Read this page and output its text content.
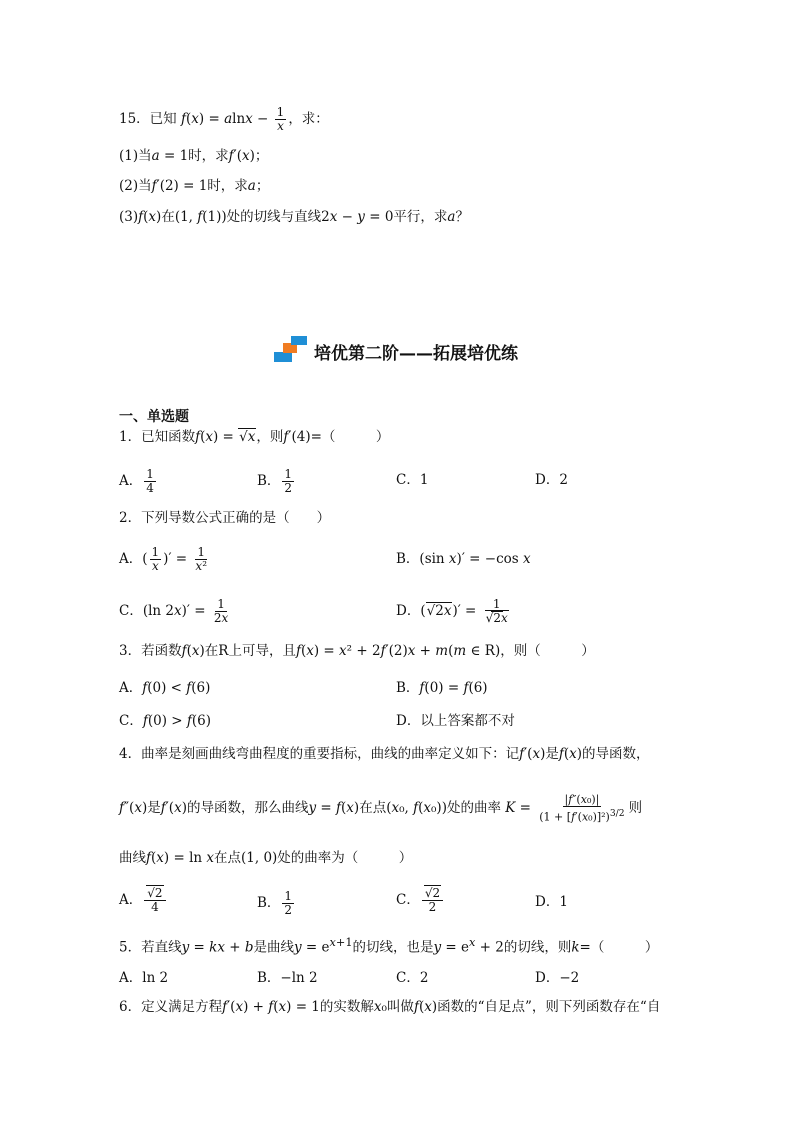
15．已知 $f(x) = alnx - \frac{1}{x}$ ，求：
(1)当a = 1时，求f′(x)；
(2)当f′(2) = 1时，求a；
(3)f(x)在(1, f(1))处的切线与直线2x − y = 0平行，求a？
培优第二阶——拓展培优练
一、单选题
1．已知函数f(x) = √x，则f′(4)=（　　　）
A． $\frac{1}{4}$	B． $\frac{1}{2}$	C．1	D．2
2．下列导数公式正确的是（　　）
A．( $\frac{1}{x}$ )′ = $\frac{1}{\text{x²}}$	B．(sin x)′ = −cos x
C．(ln $2x)' = \frac{1}{2x}$	D．$(√2x)' = \frac{1}{√2x}$
3．若函数f(x)在R上可导，且f(x) = x² + 2f′(2)x + m(m ∈ R)，则（　　　）
A．f(0) < f(6)	B．f(0) = f(6)
C．f(0) > f(6)	D．以上答案都不对
4．曲率是刻画曲线弯曲程度的重要指标，曲线的曲率定义如下：记f′(x)是f(x)的导函数，
f″(x)是f′(x)的导函数，那么曲线y = f(x)在点(x₀, f(x₀))处的曲率 $K = \frac{\text{|f″(x₀)|}}{(1 + [f'(x_0)]^2)^{3/2}}$ 则
曲线f(x) = ln x在点(1, 0)处的曲率为（　　　）
A． $\frac{√2}{4}$	B． $\frac{1}{2}$	C． $\frac{√2}{2}$	D．1
5．若直线y = kx + b是曲线$y = e^{x+1}$的切线，也是$y = e^x + 2$的切线，则k=（　　　）
A．ln 2	B．−ln 2	C．2	D．−2
6．定义满足方程f′(x) + f(x) = 1的实数解x₀叫做f(x)函数的“自足点”，则下列函数存在“自
